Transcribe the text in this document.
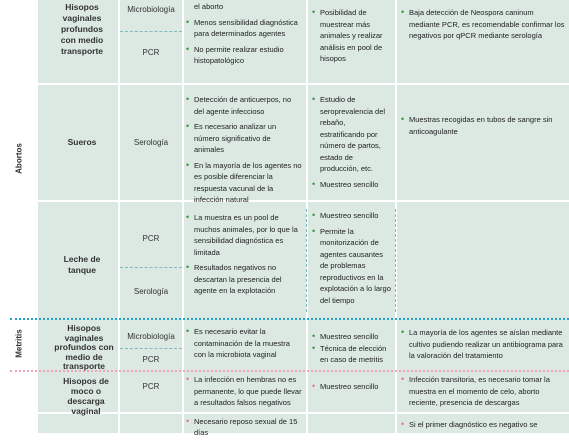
Abortos
Metritis
Hisopos vaginales profundos con medio transporte
Microbiología
PCR
el aborto
• Menos sensibilidad diagnóstica para determinados agentes
• No permite realizar estudio histopatológico
• Posibilidad de muestrear más animales y realizar análisis en pool de hisopos
• Baja detección de Neospora caninum mediante PCR, es recomendable confirmar los negativos por qPCR mediante serología
Sueros	Serología
• Detección de anticuerpos, no del agente infeccioso
• Es necesario analizar un número significativo de animales
• En la mayoría de los agentes no es posible diferenciar la respuesta vacunal de la infección natural
• Estudio de seroprevalencia del rebaño, estratificando por número de partos, estado de producción, etc.
• Muestreo sencillo
• Muestras recogidas en tubos de sangre sin anticoagulante
Leche de tanque
PCR
Serología
• La muestra es un pool de muchos animales, por lo que la sensibilidad diagnóstica es limitada
• Resultados negativos no descartan la presencia del agente en la explotación
• Muestreo sencillo
• Permite la monitorización de agentes causantes de problemas reproductivos en la explotación a lo largo del tiempo
Hisopos vaginales profundos con medio de transporte
Microbiología
PCR
• Es necesario evitar la contaminación de la muestra con la microbiota vaginal
• Muestreo sencillo
• Técnica de elección en caso de metritis
• La mayoría de los agentes se aíslan mediante cultivo pudiendo realizar un antibiograma para la valoración del tratamiento
Hisopos de moco o descarga vaginal
PCR
• La infección en hembras no es permanente, lo que puede llevar a resultados falsos negativos
• Necesario reposo sexual de 15 días
• Muestreo sencillo
• Infección transitoria, es necesario tomar la muestra en el momento de celo, aborto reciente, presencia de descargas
• Si el primer diagnóstico es negativo se
